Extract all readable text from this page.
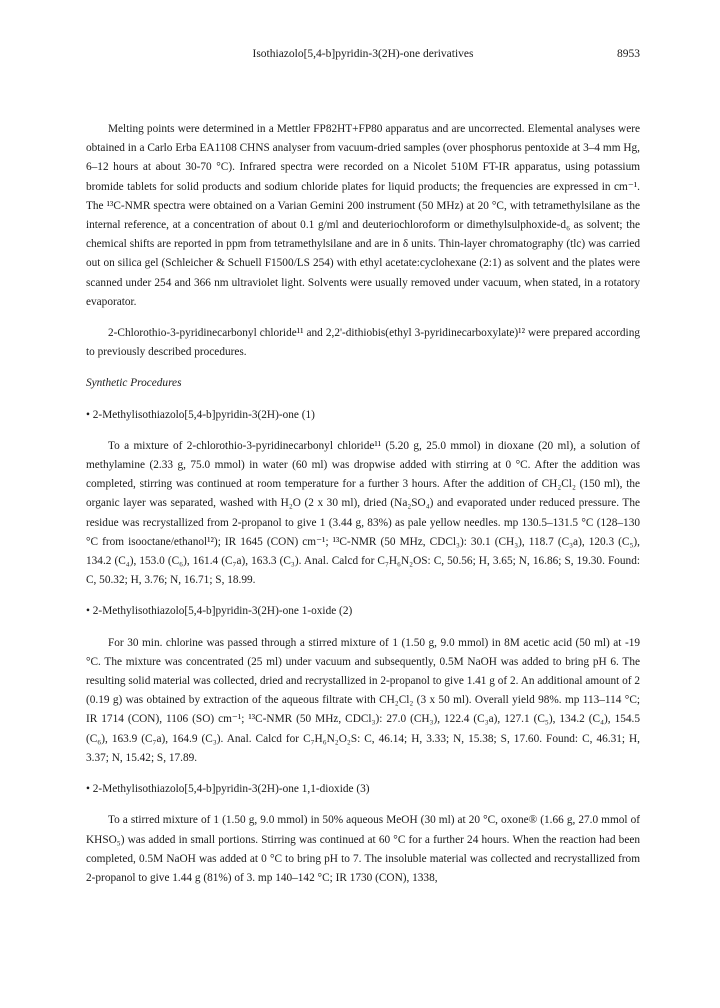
Isothiazolo[5,4-b]pyridin-3(2H)-one derivatives	8953

Melting points were determined in a Mettler FP82HT+FP80 apparatus and are uncorrected. Elemental analyses were obtained in a Carlo Erba EA1108 CHNS analyser from vacuum-dried samples (over phosphorus pentoxide at 3–4 mm Hg, 6–12 hours at about 30-70 °C). Infrared spectra were recorded on a Nicolet 510M FT-IR apparatus, using potassium bromide tablets for solid products and sodium chloride plates for liquid products; the frequencies are expressed in cm⁻¹. The ¹³C-NMR spectra were obtained on a Varian Gemini 200 instrument (50 MHz) at 20 °C, with tetramethylsilane as the internal reference, at a concentration of about 0.1 g/ml and deuteriochloroform or dimethylsulphoxide-d₆ as solvent; the chemical shifts are reported in ppm from tetramethylsilane and are in δ units. Thin-layer chromatography (tlc) was carried out on silica gel (Schleicher & Schuell F1500/LS 254) with ethyl acetate:cyclohexane (2:1) as solvent and the plates were scanned under 254 and 366 nm ultraviolet light. Solvents were usually removed under vacuum, when stated, in a rotatory evaporator.

2-Chlorothio-3-pyridinecarbonyl chloride¹¹ and 2,2'-dithiobis(ethyl 3-pyridinecarboxylate)¹² were prepared according to previously described procedures.

Synthetic Procedures

• 2-Methylisothiazolo[5,4-b]pyridin-3(2H)-one (1)

To a mixture of 2-chlorothio-3-pyridinecarbonyl chloride¹¹ (5.20 g, 25.0 mmol) in dioxane (20 ml), a solution of methylamine (2.33 g, 75.0 mmol) in water (60 ml) was dropwise added with stirring at 0 °C. After the addition was completed, stirring was continued at room temperature for a further 3 hours. After the addition of CH₂Cl₂ (150 ml), the organic layer was separated, washed with H₂O (2 x 30 ml), dried (Na₂SO₄) and evaporated under reduced pressure. The residue was recrystallized from 2-propanol to give 1 (3.44 g, 83%) as pale yellow needles. mp 130.5–131.5 °C (128–130 °C from isooctane/ethanol¹²); IR 1645 (CON) cm⁻¹; ¹³C-NMR (50 MHz, CDCl₃): 30.1 (CH₃), 118.7 (C₃a), 120.3 (C₅), 134.2 (C₄), 153.0 (C₆), 161.4 (C₇a), 163.3 (C₃). Anal. Calcd for C₇H₆N₂OS: C, 50.56; H, 3.65; N, 16.86; S, 19.30. Found: C, 50.32; H, 3.76; N, 16.71; S, 18.99.

• 2-Methylisothiazolo[5,4-b]pyridin-3(2H)-one 1-oxide (2)

For 30 min. chlorine was passed through a stirred mixture of 1 (1.50 g, 9.0 mmol) in 8M acetic acid (50 ml) at -19 °C. The mixture was concentrated (25 ml) under vacuum and subsequently, 0.5M NaOH was added to bring pH 6. The resulting solid material was collected, dried and recrystallized in 2-propanol to give 1.41 g of 2. An additional amount of 2 (0.19 g) was obtained by extraction of the aqueous filtrate with CH₂Cl₂ (3 x 50 ml). Overall yield 98%. mp 113–114 °C; IR 1714 (CON), 1106 (SO) cm⁻¹; ¹³C-NMR (50 MHz, CDCl₃): 27.0 (CH₃), 122.4 (C₃a), 127.1 (C₅), 134.2 (C₄), 154.5 (C₆), 163.9 (C₇a), 164.9 (C₃). Anal. Calcd for C₇H₆N₂O₂S: C, 46.14; H, 3.33; N, 15.38; S, 17.60. Found: C, 46.31; H, 3.37; N, 15.42; S, 17.89.

• 2-Methylisothiazolo[5,4-b]pyridin-3(2H)-one 1,1-dioxide (3)

To a stirred mixture of 1 (1.50 g, 9.0 mmol) in 50% aqueous MeOH (30 ml) at 20 °C, oxone® (1.66 g, 27.0 mmol of KHSO₅) was added in small portions. Stirring was continued at 60 °C for a further 24 hours. When the reaction had been completed, 0.5M NaOH was added at 0 °C to bring pH to 7. The insoluble material was collected and recrystallized from 2-propanol to give 1.44 g (81%) of 3. mp 140–142 °C; IR 1730 (CON), 1338,
